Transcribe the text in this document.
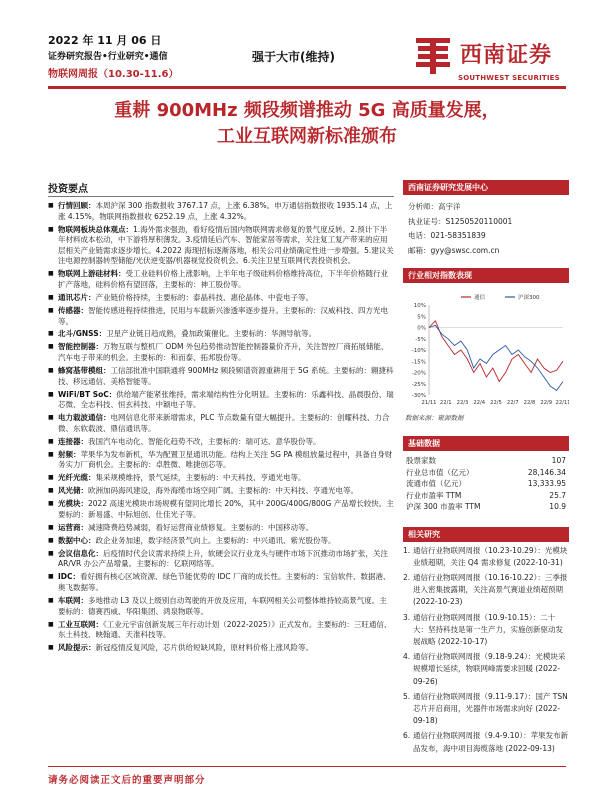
2022 年 11 月 06 日
证券研究报告•行业研究•通信
物联网周报（10.30-11.6）
强于大市(维持)	西南证券
SOUTHWEST SECURITIES
重耕 900MHz 频段频谱推动 5G 高质量发展，
工业互联网新标准颁布
投资要点
■ 行情回顾：本周沪深 300 指数报收 3767.17 点，上涨 6.38%。申万通信指数报收 1935.14 点，上涨 4.15%，物联网指数报收 6252.19 点，上涨 4.32%。
■ 物联网板块总体观点：1.海外需求强劲，看好疫情后国内物联网需求修复的景气度反转。2.预计下半年材料成本松动，中下游将厚积薄发。3.疫情延后汽车、智能家居等需求，关注复工复产带来的应用层相关产业链需求逐步增长。4.2022 海现招标逐渐落地，相关公司业绩确定性进一步增强。5.建议关注电源控制器转型储能/光伏逆变器/机器视觉投资机会。6.关注卫星互联网代表投资机会。
■ 物联网上游硅材料：受工业硅料价格上涨影响，上半年电子级硅料价格维持高位，下半年价格随行业扩产落地，硅料价格有望回落，主要标的：神工股份等。
■ 通讯芯片：产业链价格持续，主要标的：泰晶科技、惠伦晶体、中瓷电子等。
■ 传感器：智能传感进程持续推进，民用与车载新兴渗透率逐步提升。主要标的：汉威科技、四方光电等。
■ 北斗/GNSS：卫星产业链日趋成熟，叠加政策催化。主要标的：华测导航等。
■ 智能控制器：万物互联与整机厂 ODM 外包趋势推动智能控制器量价齐升，关注智控厂商拓展储能、汽车电子带来的机会。主要标的：和而泰、拓邦股份等。
■ 蜂窝基带模组：工信部批准中国联通将 900MHz 频段频谱资源重耕用于 5G 系统。主要标的：翱捷科技、移远通信、美格智能等。
■ WiFi/BT SoC：供给端产能紧张维持，需求端结构性分化明显。主要标的：乐鑫科技、晶晨股份、瑞芯微、全志科技、恒玄科技、中颖电子等。
■ 电力载波通信：电网信息化带来新增需求，PLC 节点数量有望大幅提升。主要标的：创耀科技、力合微、东软载波、鼎信通讯等。
■ 连接器：我国汽车电动化、智能化趋势不改，主要标的：瑞可达、意华股份等。
■ 射频：苹果华为发布新机，华为配置卫星通讯功能。结构上关注 5G PA 模组放量过程中，具备自身财务实力厂商机会。主要标的：卓胜微、唯捷创芯等。
■ 光纤光缆：集采规模维持，景气延续，主要标的：中天科技、亨通光电等。
■ 风光储：欧洲加码海风建设，海外海缆市场空间广阔。主要标的：中天科技、亨通光电等。
■ 光模块：2022 高速光模块市场规模有望同比增长 20%，其中 200G/400G/800G 产品增长较快。主要标的：新易盛、中际旭创、仕佳光子等。
■ 运营商：减速降费趋势减弱，看好运营商业绩修复。主要标的：中国移动等。
■ 数据中心：政企业务加速，数字经济景气向上。主要标的：中兴通讯、紫光股份等。
■ 会议信息化：后疫情时代会议需求持续上升，软硬会议行业龙头与硬件市场下沉推动市场扩张，关注 AR/VR 办公产品增量。主要标的：亿联网络等。
■ IDC：看好拥有核心区域资源、绿色节能优势的 IDC 厂商的成长性。主要标的：宝信软件、数据港、奥飞数据等。
■ 车联网：多地推动 L3 及以上级别自动驾驶的开放及应用，车联网相关公司整体维持较高景气度。主要标的：德赛西威、华阳集团、鸿泉物联等。
■ 工业互联网：《工业元宇宙创新发展三年行动计划（2022-2025）》正式发布。主要标的：三旺通信、东土科技、映翰通、天准科技等。
■ 风险提示：新冠疫情反复风险，芯片供给短缺风险，原材料价格上涨风险等。
西南证券研究发展中心
分析师：高宇洋
执业证号：S1250520110001
电话：021-58351839
邮箱：gyy@swsc.com.cn
行业相对指数表现
-30%
-25%
-20%
-15%
-10%
-5%
0%
5%
10%
21/11 22/1 22/3 22/4 22/5 22/7 22/8 22/9 22/11
通信	沪深300
数据来源：聚源数据
基础数据
股票家数	107
行业总市值（亿元）	28,146.34
流通市值（亿元）	13,333.95
行业市盈率 TTM	25.7
沪深 300 市盈率 TTM	10.9
相关研究
1. 通信行业物联网周报（10.23-10.29）：光模块业绩超期，关注 Q4 需求修复 (2022-10-31)
2. 通信行业物联网周报（10.16-10.22）：三季报进入密集披露期，关注高景气赛道业绩超预期 (2022-10-23)
3. 通信行业物联网周报（10.9-10.15）：二十大：坚持科技是第一生产力，实施创新驱动发展战略 (2022-10-17)
4. 通信行业物联网周报（9.18-9.24）：光模块采规模增长延续，物联网峰需要求回暖 (2022-09-26)
5. 通信行业物联网周报（9.11-9.17）：国产 TSN 芯片开启商用，光器件市场需求向好 (2022-09-18)
6. 通信行业物联网周报（9.4-9.10）：苹果发布新品发布，海中项目海缆落地 (2022-09-13)
请务必阅读正文后的重要声明部分
